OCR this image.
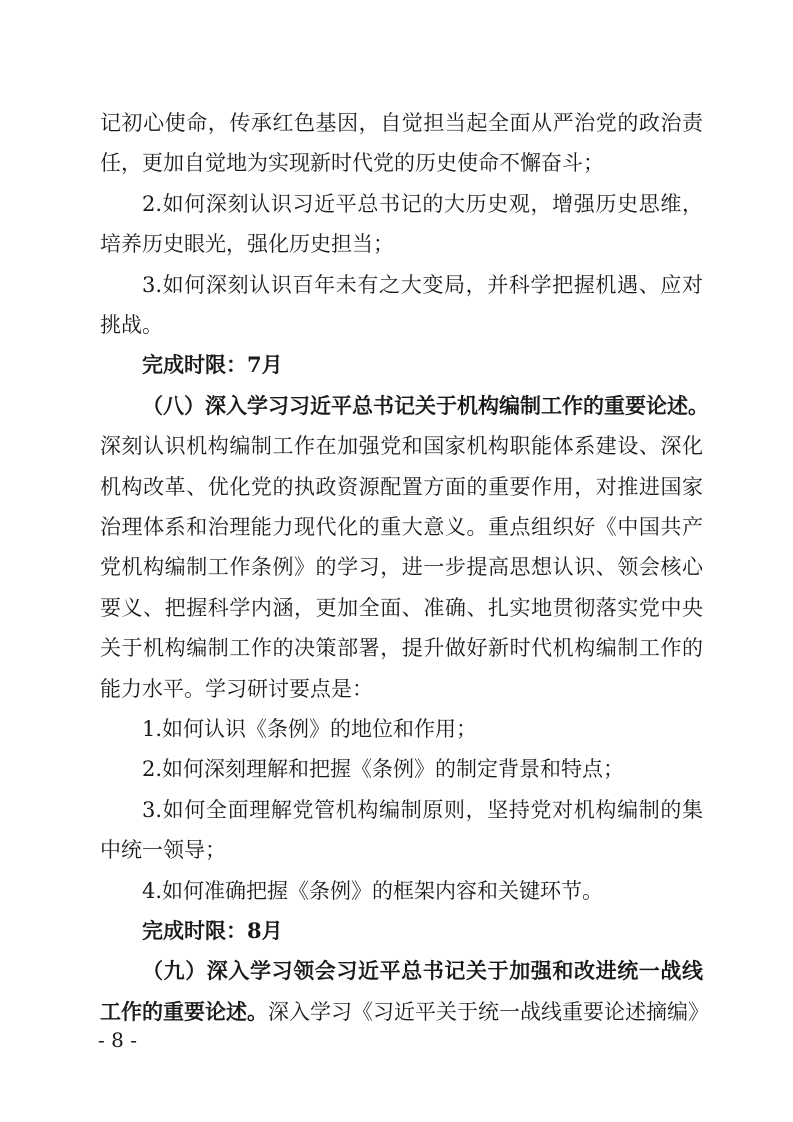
记初心使命，传承红色基因，自觉担当起全面从严治党的政治责
任，更加自觉地为实现新时代党的历史使命不懈奋斗；
2.如何深刻认识习近平总书记的大历史观，增强历史思维，
培养历史眼光，强化历史担当；
3.如何深刻认识百年未有之大变局，并科学把握机遇、应对
挑战。
完成时限：7月
（八）深入学习习近平总书记关于机构编制工作的重要论述。
深刻认识机构编制工作在加强党和国家机构职能体系建设、深化
机构改革、优化党的执政资源配置方面的重要作用，对推进国家
治理体系和治理能力现代化的重大意义。重点组织好《中国共产
党机构编制工作条例》的学习，进一步提高思想认识、领会核心
要义、把握科学内涵，更加全面、准确、扎实地贯彻落实党中央
关于机构编制工作的决策部署，提升做好新时代机构编制工作的
能力水平。学习研讨要点是：
1.如何认识《条例》的地位和作用；
2.如何深刻理解和把握《条例》的制定背景和特点；
3.如何全面理解党管机构编制原则，坚持党对机构编制的集
中统一领导；
4.如何准确把握《条例》的框架内容和关键环节。
完成时限：8月
（九）深入学习领会习近平总书记关于加强和改进统一战线
工作的重要论述。深入学习《习近平关于统一战线重要论述摘编》
- 8 -
